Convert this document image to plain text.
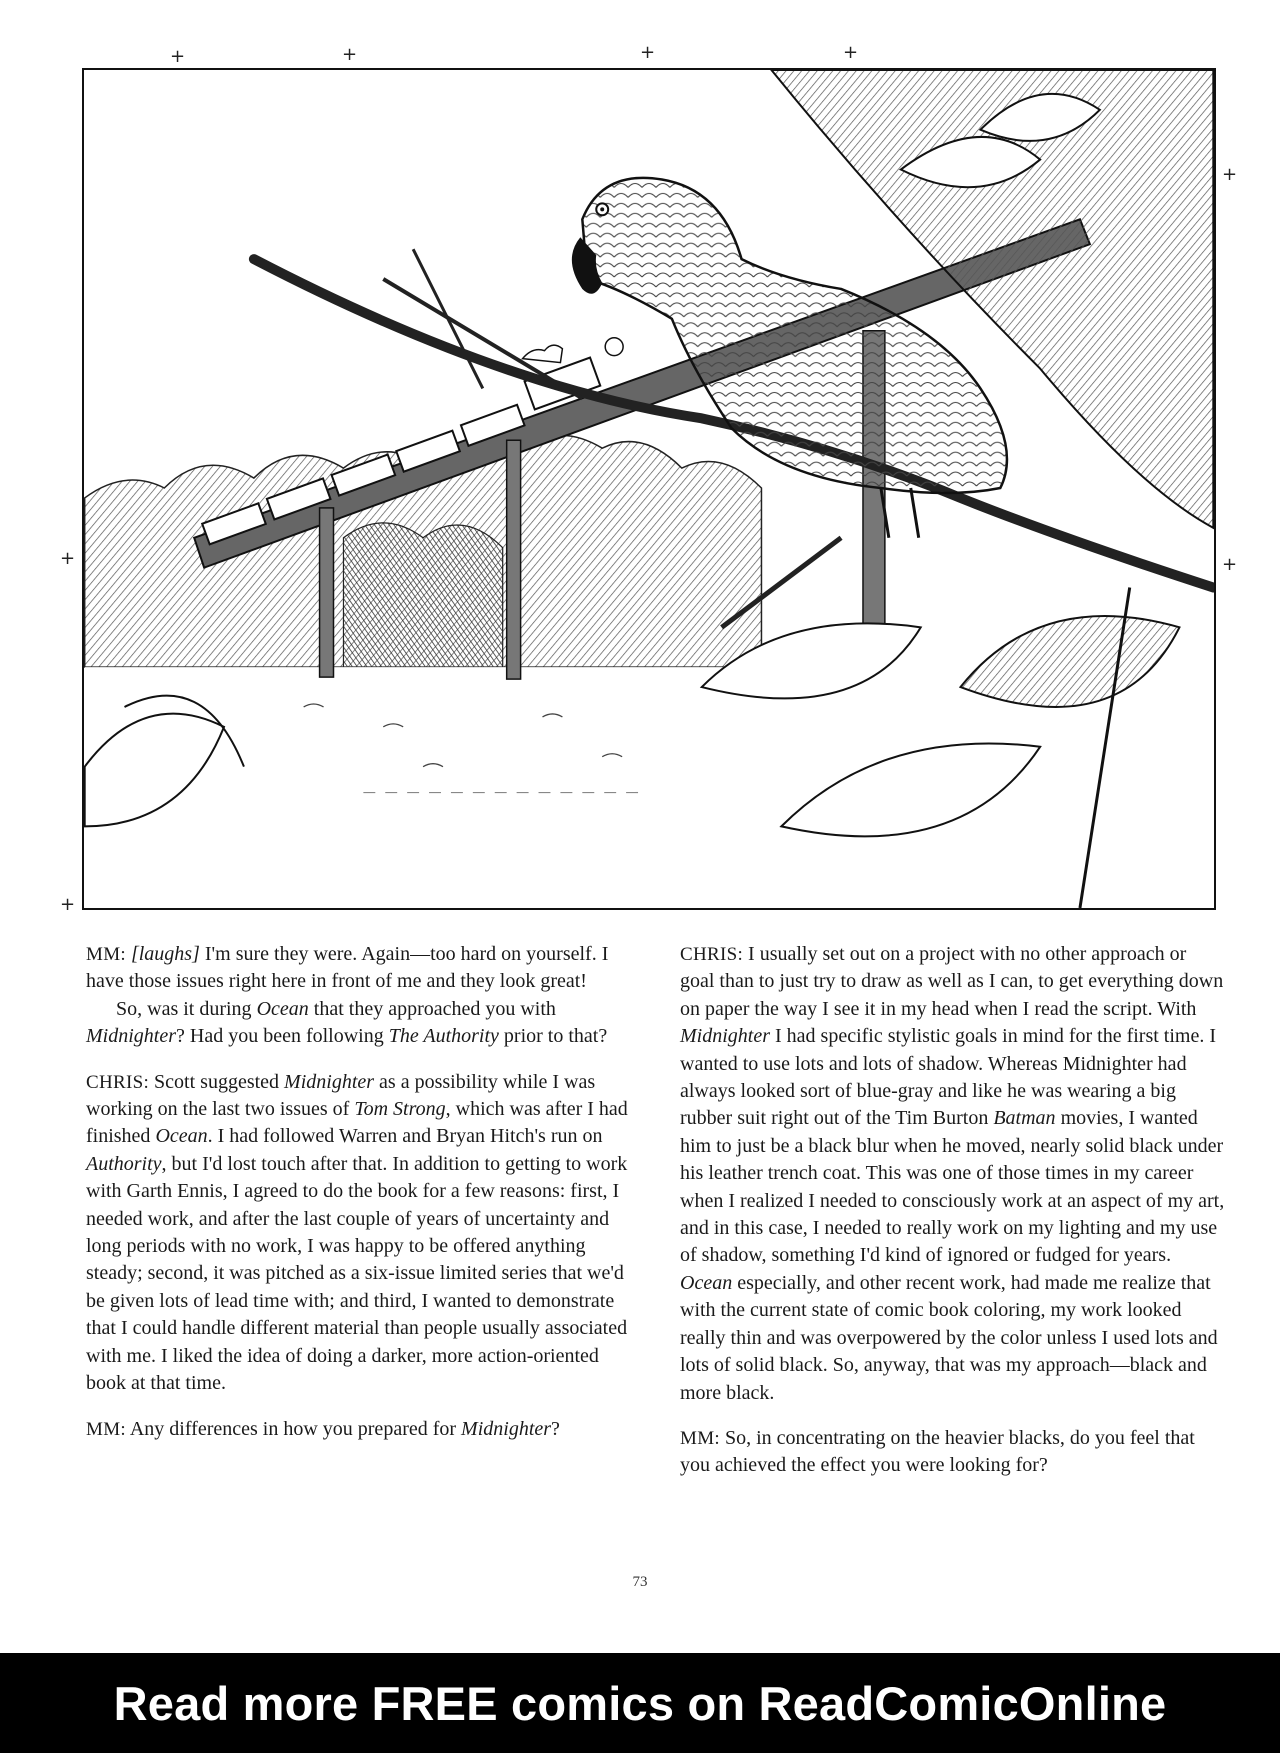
+	+	+	+
+
+
+
+

MM: [laughs] I'm sure they were. Again—too hard on yourself. I have those issues right here in front of me and they look great!

So, was it during Ocean that they approached you with Midnighter? Had you been following The Authority prior to that?

CHRIS: Scott suggested Midnighter as a possibility while I was working on the last two issues of Tom Strong, which was after I had finished Ocean. I had followed Warren and Bryan Hitch's run on Authority, but I'd lost touch after that. In addition to getting to work with Garth Ennis, I agreed to do the book for a few reasons: first, I needed work, and after the last couple of years of uncertainty and long periods with no work, I was happy to be offered anything steady; second, it was pitched as a six-issue limited series that we'd be given lots of lead time with; and third, I wanted to demonstrate that I could handle different material than people usually associated with me. I liked the idea of doing a darker, more action-oriented book at that time.

MM: Any differences in how you prepared for Midnighter?

CHRIS: I usually set out on a project with no other approach or goal than to just try to draw as well as I can, to get everything down on paper the way I see it in my head when I read the script. With Midnighter I had specific stylistic goals in mind for the first time. I wanted to use lots and lots of shadow. Whereas Midnighter had always looked sort of blue-gray and like he was wearing a big rubber suit right out of the Tim Burton Batman movies, I wanted him to just be a black blur when he moved, nearly solid black under his leather trench coat. This was one of those times in my career when I realized I needed to consciously work at an aspect of my art, and in this case, I needed to really work on my lighting and my use of shadow, something I'd kind of ignored or fudged for years. Ocean especially, and other recent work, had made me realize that with the current state of comic book coloring, my work looked really thin and was overpowered by the color unless I used lots and lots of solid black. So, anyway, that was my approach—black and more black.

MM: So, in concentrating on the heavier blacks, do you feel that you achieved the effect you were looking for?

73
Read more FREE comics on ReadComicOnline
